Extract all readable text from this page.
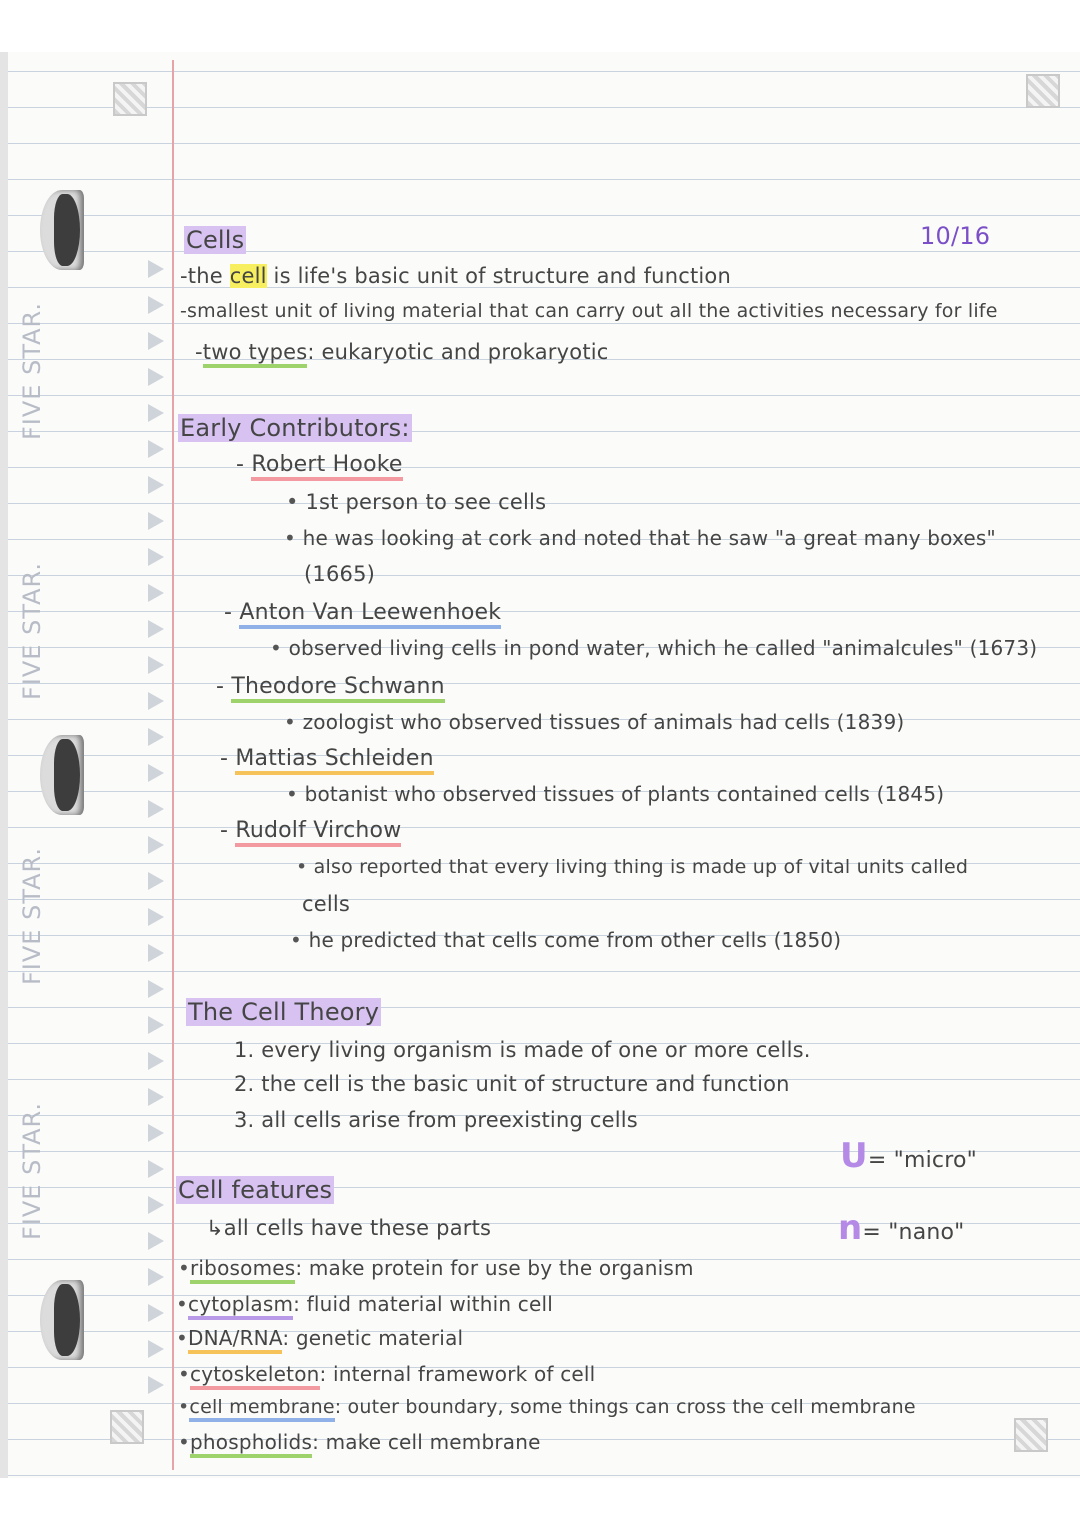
FIVE STAR.
FIVE STAR.
FIVE STAR.
FIVE STAR.
10/16
Cells
-the cell is life's basic unit of structure and function
-smallest unit of living material that can carry out all the activities necessary for life
-two types: eukaryotic and prokaryotic
Early Contributors:
- Robert Hooke
• 1st person to see cells
• he was looking at cork and noted that he saw "a great many boxes"
(1665)
- Anton Van Leewenhoek
• observed living cells in pond water, which he called "animalcules" (1673)
- Theodore Schwann
• zoologist who observed tissues of animals had cells (1839)
- Mattias Schleiden
• botanist who observed tissues of plants contained cells (1845)
- Rudolf Virchow
• also reported that every living thing is made up of vital units called
cells
• he predicted that cells come from other cells (1850)
The Cell Theory
1. every living organism is made of one or more cells.
2. the cell is the basic unit of structure and function
3. all cells arise from preexisting cells
U= "micro"
n= "nano"
Cell features
↳all cells have these parts
•ribosomes: make protein for use by the organism
•cytoplasm: fluid material within cell
•DNA/RNA: genetic material
•cytoskeleton: internal framework of cell
•cell membrane: outer boundary, some things can cross the cell membrane
•phospholids: make cell membrane
